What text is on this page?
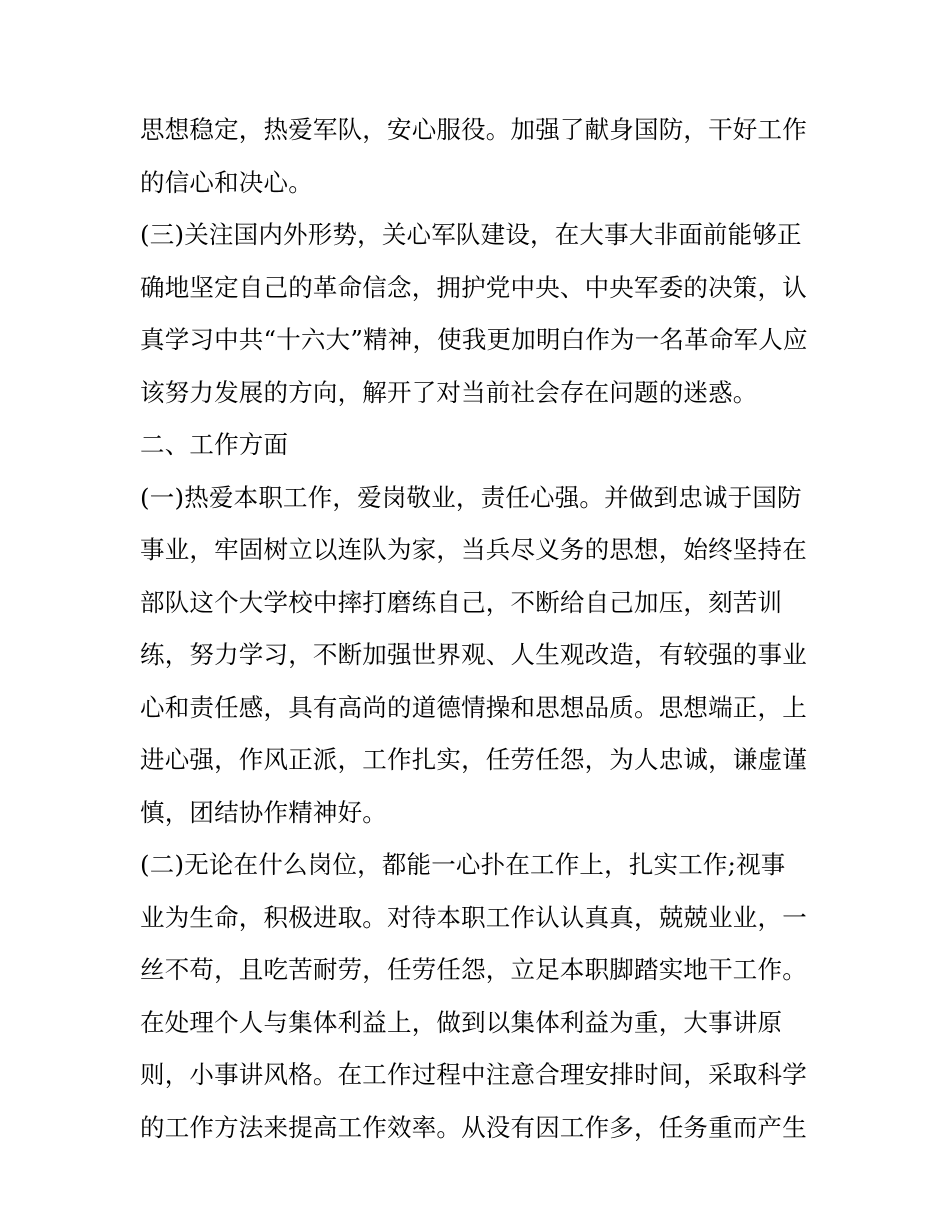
思想稳定，热爱军队，安心服役。加强了献身国防，干好工作
的信心和决心。
(三)关注国内外形势，关心军队建设，在大事大非面前能够正
确地坚定自己的革命信念，拥护党中央、中央军委的决策，认
真学习中共“十六大”精神，使我更加明白作为一名革命军人应
该努力发展的方向，解开了对当前社会存在问题的迷惑。
二、工作方面
(一)热爱本职工作，爱岗敬业，责任心强。并做到忠诚于国防
事业，牢固树立以连队为家，当兵尽义务的思想，始终坚持在
部队这个大学校中摔打磨练自己，不断给自己加压，刻苦训
练，努力学习，不断加强世界观、人生观改造，有较强的事业
心和责任感，具有高尚的道德情操和思想品质。思想端正，上
进心强，作风正派，工作扎实，任劳任怨，为人忠诚，谦虚谨
慎，团结协作精神好。
(二)无论在什么岗位，都能一心扑在工作上，扎实工作;视事
业为生命，积极进取。对待本职工作认认真真，兢兢业业，一
丝不苟，且吃苦耐劳，任劳任怨，立足本职脚踏实地干工作。
在处理个人与集体利益上，做到以集体利益为重，大事讲原
则，小事讲风格。在工作过程中注意合理安排时间，采取科学
的工作方法来提高工作效率。从没有因工作多，任务重而产生
